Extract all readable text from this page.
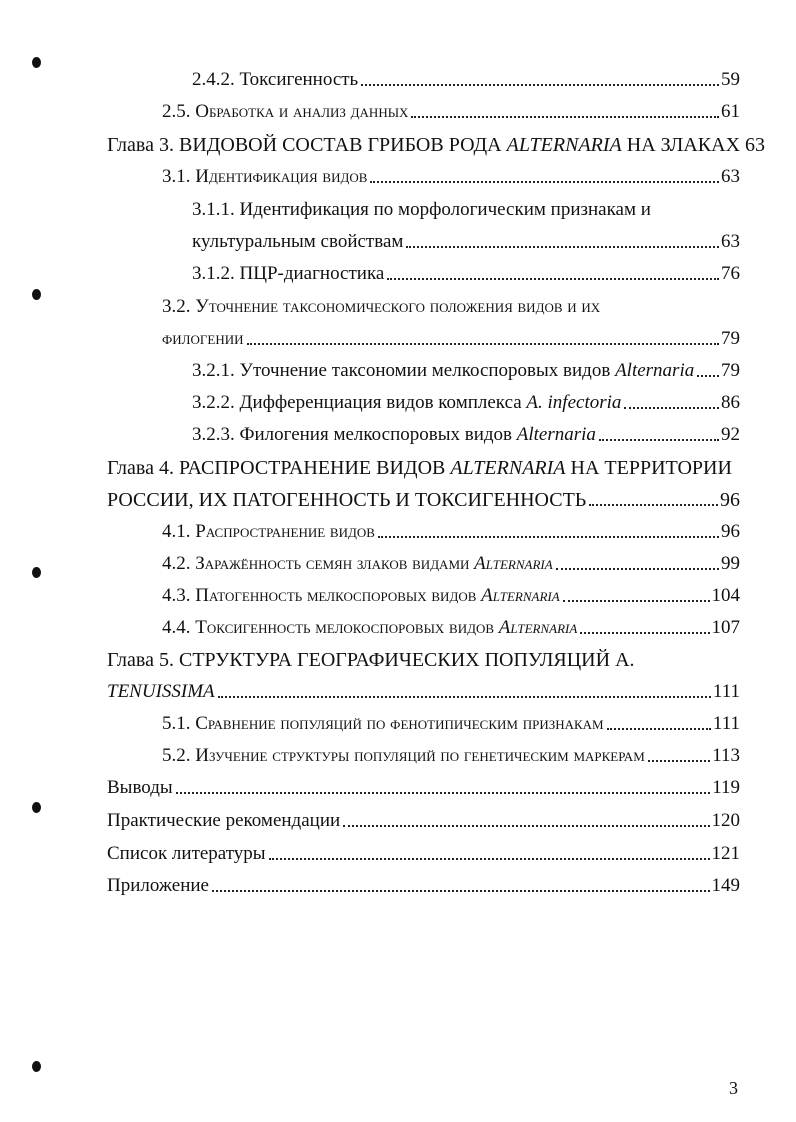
2.4.2. Токсигенность	59
2.5. Обработка и анализ данных	61
Глава 3. ВИДОВОЙ СОСТАВ ГРИБОВ РОДА ALTERNARIA НА ЗЛАКАХ 63
3.1. Идентификация видов	63
3.1.1. Идентификация по морфологическим признакам и
культуральным свойствам	63
3.1.2. ПЦР-диагностика	76
3.2. Уточнение таксономического положения видов и их
филогении	79
3.2.1. Уточнение таксономии мелкоспоровых видов Alternaria 79
3.2.2. Дифференциация видов комплекса A. infectoria	86
3.2.3. Филогения мелкоспоровых видов Alternaria	92
Глава 4. РАСПРОСТРАНЕНИЕ ВИДОВ ALTERNARIA НА ТЕРРИТОРИИ
РОССИИ, ИХ ПАТОГЕННОСТЬ И ТОКСИГЕННОСТЬ	96
4.1. Распространение видов	96
4.2. Заражённость семян злаков видами Alternaria	99
4.3. Патогенность мелкоспоровых видов Alternaria	104
4.4. Токсигенность мелокоспоровых видов Alternaria	107
Глава 5. СТРУКТУРА ГЕОГРАФИЧЕСКИХ ПОПУЛЯЦИЙ A.
TENUISSIMA	111
5.1. Сравнение популяций по фенотипическим признакам	111
5.2. Изучение структуры популяций по генетическим маркерам	113
Выводы	119
Практические рекомендации	120
Список литературы	121
Приложение	149
3
